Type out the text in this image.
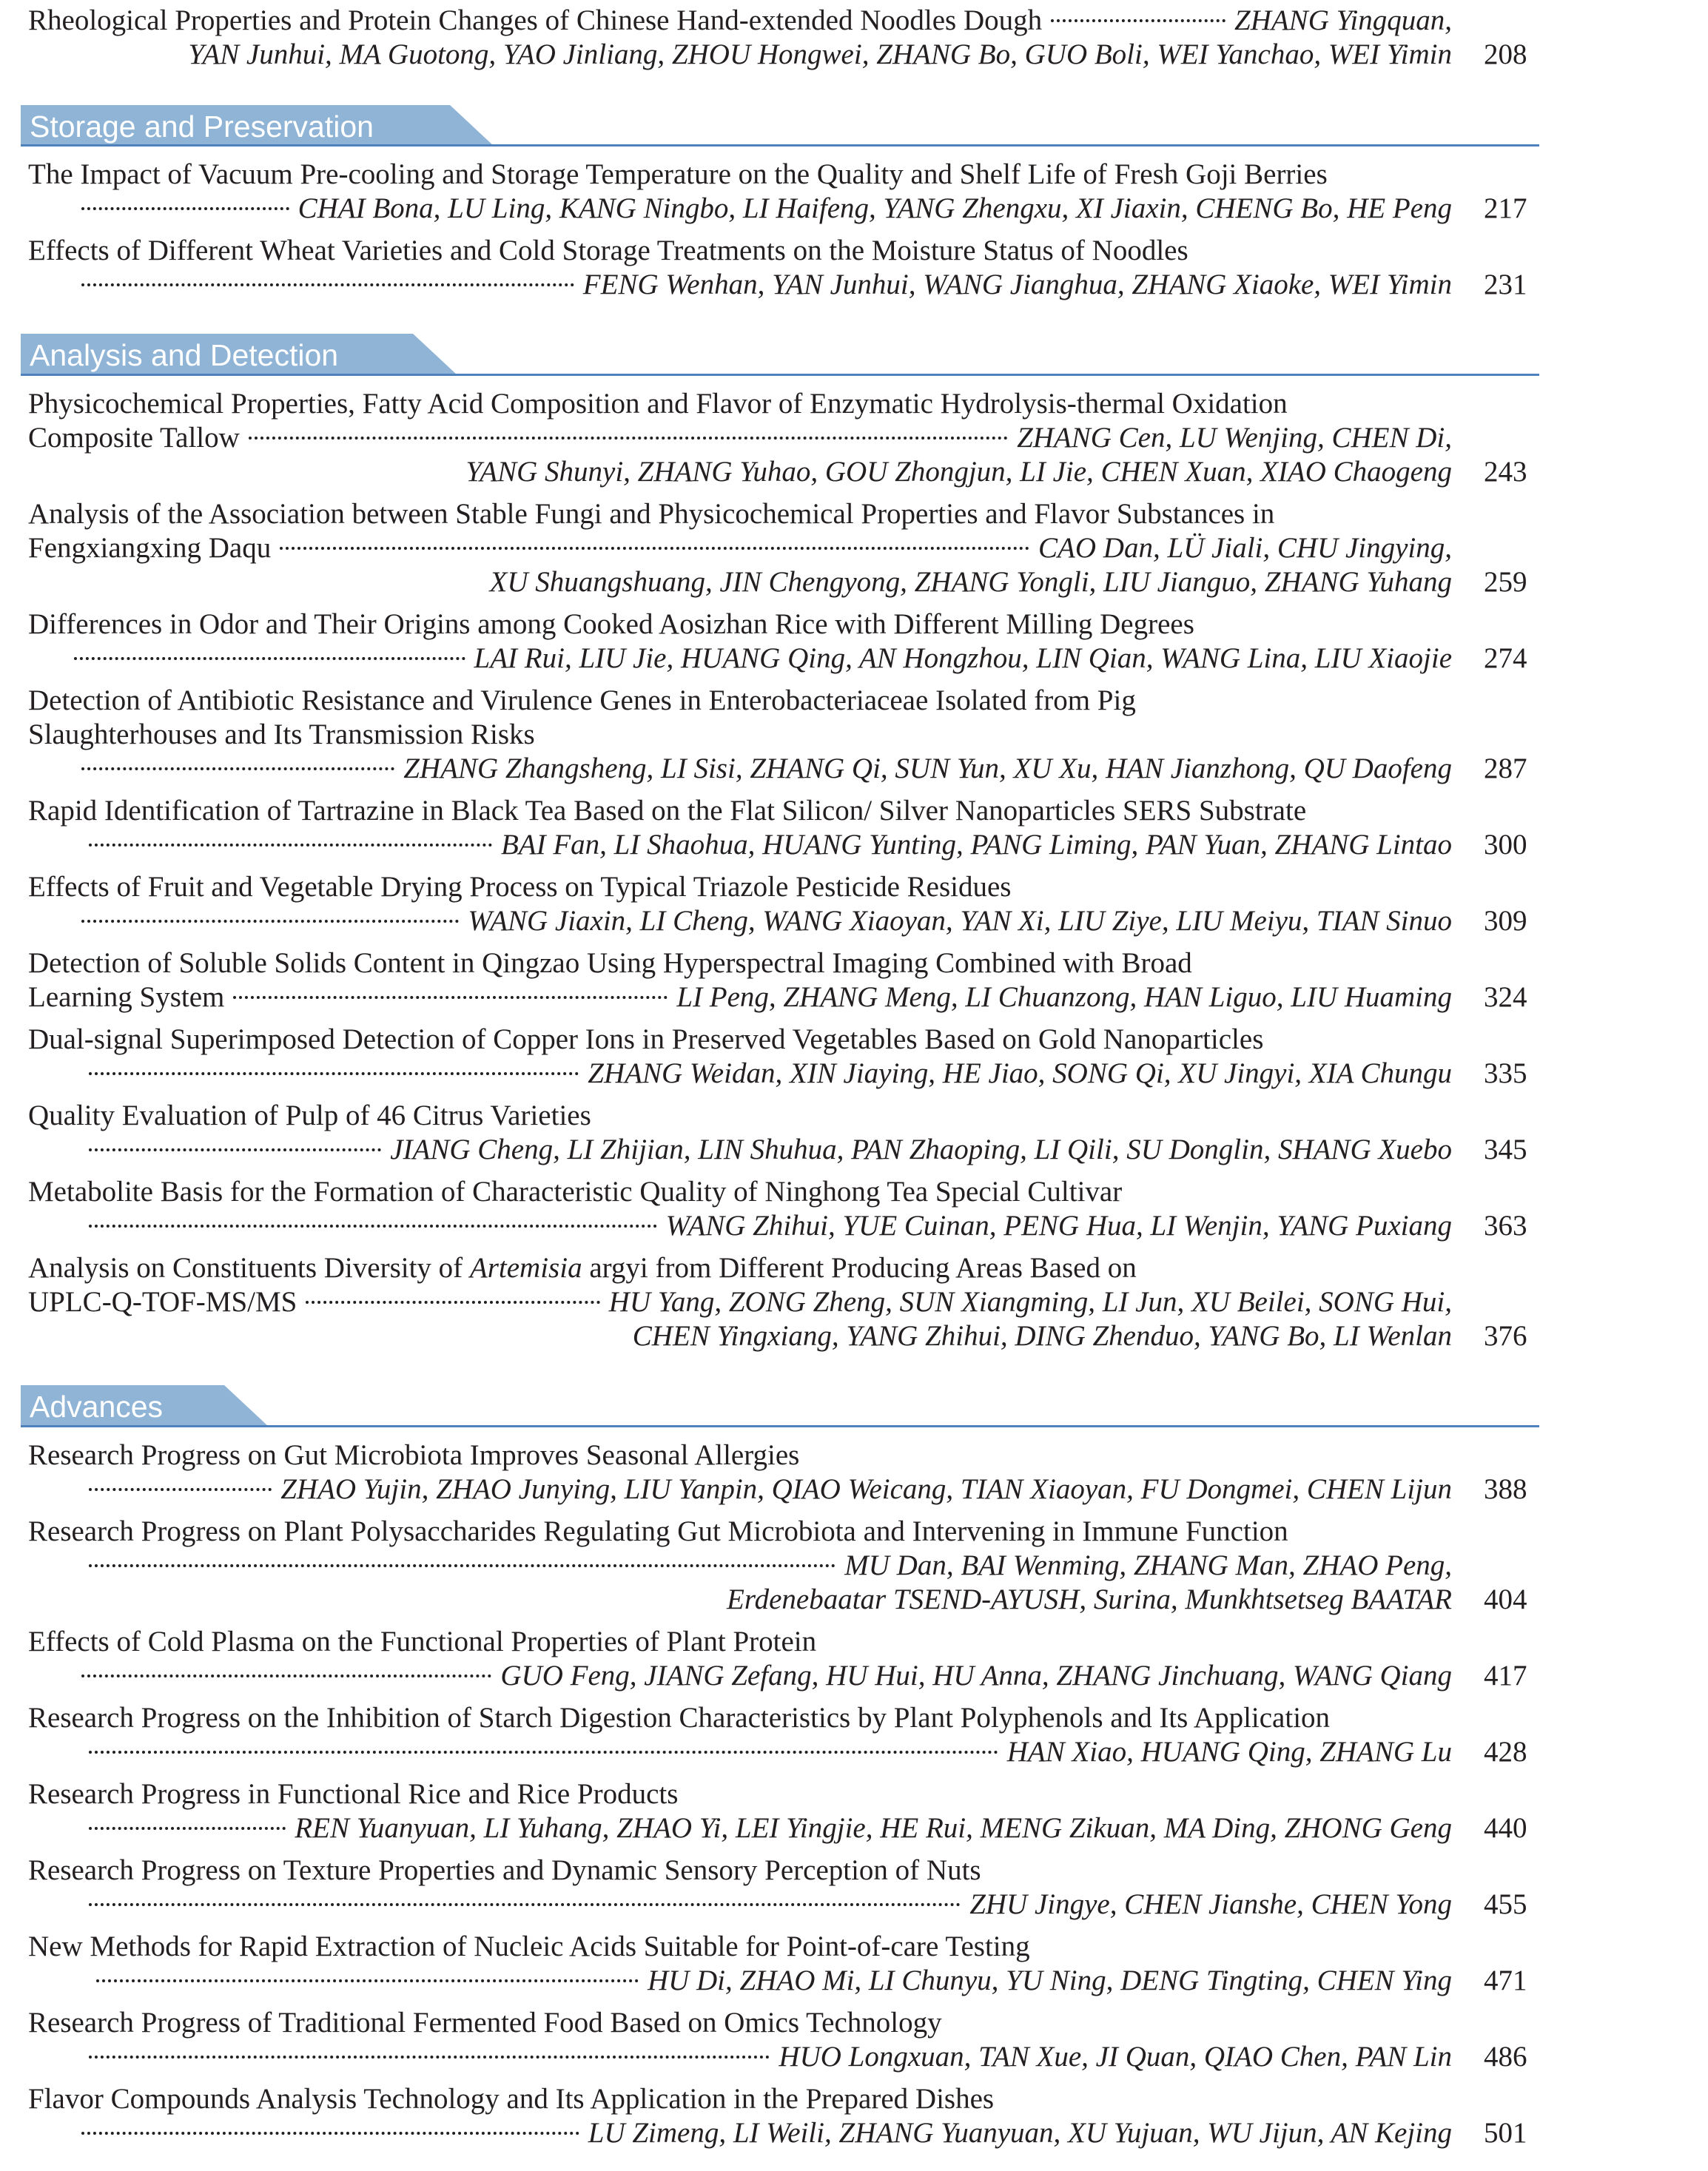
Rheological Properties and Protein Changes of Chinese Hand-extended Noodles Dough	ZHANG Yingquan,
YAN Junhui, MA Guotong, YAO Jinliang, ZHOU Hongwei, ZHANG Bo, GUO Boli, WEI Yanchao, WEI Yimin 208
Storage and Preservation
The Impact of Vacuum Pre-cooling and Storage Temperature on the Quality and Shelf Life of Fresh Goji Berries
CHAI Bona, LU Ling, KANG Ningbo, LI Haifeng, YANG Zhengxu, XI Jiaxin, CHENG Bo, HE Peng 217
Effects of Different Wheat Varieties and Cold Storage Treatments on the Moisture Status of Noodles
FENG Wenhan, YAN Junhui, WANG Jianghua, ZHANG Xiaoke, WEI Yimin 231
Analysis and Detection
Physicochemical Properties, Fatty Acid Composition and Flavor of Enzymatic Hydrolysis-thermal Oxidation
Composite Tallow	ZHANG Cen, LU Wenjing, CHEN Di,
YANG Shunyi, ZHANG Yuhao, GOU Zhongjun, LI Jie, CHEN Xuan, XIAO Chaogeng 243
Analysis of the Association between Stable Fungi and Physicochemical Properties and Flavor Substances in
Fengxiangxing Daqu	CAO Dan, LÜ Jiali, CHU Jingying,
XU Shuangshuang, JIN Chengyong, ZHANG Yongli, LIU Jianguo, ZHANG Yuhang 259
Differences in Odor and Their Origins among Cooked Aosizhan Rice with Different Milling Degrees
LAI Rui, LIU Jie, HUANG Qing, AN Hongzhou, LIN Qian, WANG Lina, LIU Xiaojie 274
Detection of Antibiotic Resistance and Virulence Genes in Enterobacteriaceae Isolated from Pig
Slaughterhouses and Its Transmission Risks
ZHANG Zhangsheng, LI Sisi, ZHANG Qi, SUN Yun, XU Xu, HAN Jianzhong, QU Daofeng 287
Rapid Identification of Tartrazine in Black Tea Based on the Flat Silicon/ Silver Nanoparticles SERS Substrate
BAI Fan, LI Shaohua, HUANG Yunting, PANG Liming, PAN Yuan, ZHANG Lintao 300
Effects of Fruit and Vegetable Drying Process on Typical Triazole Pesticide Residues
WANG Jiaxin, LI Cheng, WANG Xiaoyan, YAN Xi, LIU Ziye, LIU Meiyu, TIAN Sinuo 309
Detection of Soluble Solids Content in Qingzao Using Hyperspectral Imaging Combined with Broad
Learning System	LI Peng, ZHANG Meng, LI Chuanzong, HAN Liguo, LIU Huaming 324
Dual-signal Superimposed Detection of Copper Ions in Preserved Vegetables Based on Gold Nanoparticles
ZHANG Weidan, XIN Jiaying, HE Jiao, SONG Qi, XU Jingyi, XIA Chungu 335
Quality Evaluation of Pulp of 46 Citrus Varieties
JIANG Cheng, LI Zhijian, LIN Shuhua, PAN Zhaoping, LI Qili, SU Donglin, SHANG Xuebo 345
Metabolite Basis for the Formation of Characteristic Quality of Ninghong Tea Special Cultivar
WANG Zhihui, YUE Cuinan, PENG Hua, LI Wenjin, YANG Puxiang 363
Analysis on Constituents Diversity of Artemisia argyi from Different Producing Areas Based on
UPLC-Q-TOF-MS/MS	HU Yang, ZONG Zheng, SUN Xiangming, LI Jun, XU Beilei, SONG Hui,
CHEN Yingxiang, YANG Zhihui, DING Zhenduo, YANG Bo, LI Wenlan 376
Advances
Research Progress on Gut Microbiota Improves Seasonal Allergies
ZHAO Yujin, ZHAO Junying, LIU Yanpin, QIAO Weicang, TIAN Xiaoyan, FU Dongmei, CHEN Lijun 388
Research Progress on Plant Polysaccharides Regulating Gut Microbiota and Intervening in Immune Function
MU Dan, BAI Wenming, ZHANG Man, ZHAO Peng,
Erdenebaatar TSEND-AYUSH, Surina, Munkhtsetseg BAATAR 404
Effects of Cold Plasma on the Functional Properties of Plant Protein
GUO Feng, JIANG Zefang, HU Hui, HU Anna, ZHANG Jinchuang, WANG Qiang 417
Research Progress on the Inhibition of Starch Digestion Characteristics by Plant Polyphenols and Its Application
HAN Xiao, HUANG Qing, ZHANG Lu 428
Research Progress in Functional Rice and Rice Products
REN Yuanyuan, LI Yuhang, ZHAO Yi, LEI Yingjie, HE Rui, MENG Zikuan, MA Ding, ZHONG Geng 440
Research Progress on Texture Properties and Dynamic Sensory Perception of Nuts
ZHU Jingye, CHEN Jianshe, CHEN Yong 455
New Methods for Rapid Extraction of Nucleic Acids Suitable for Point-of-care Testing
HU Di, ZHAO Mi, LI Chunyu, YU Ning, DENG Tingting, CHEN Ying 471
Research Progress of Traditional Fermented Food Based on Omics Technology
HUO Longxuan, TAN Xue, JI Quan, QIAO Chen, PAN Lin 486
Flavor Compounds Analysis Technology and Its Application in the Prepared Dishes
LU Zimeng, LI Weili, ZHANG Yuanyuan, XU Yujuan, WU Jijun, AN Kejing 501
